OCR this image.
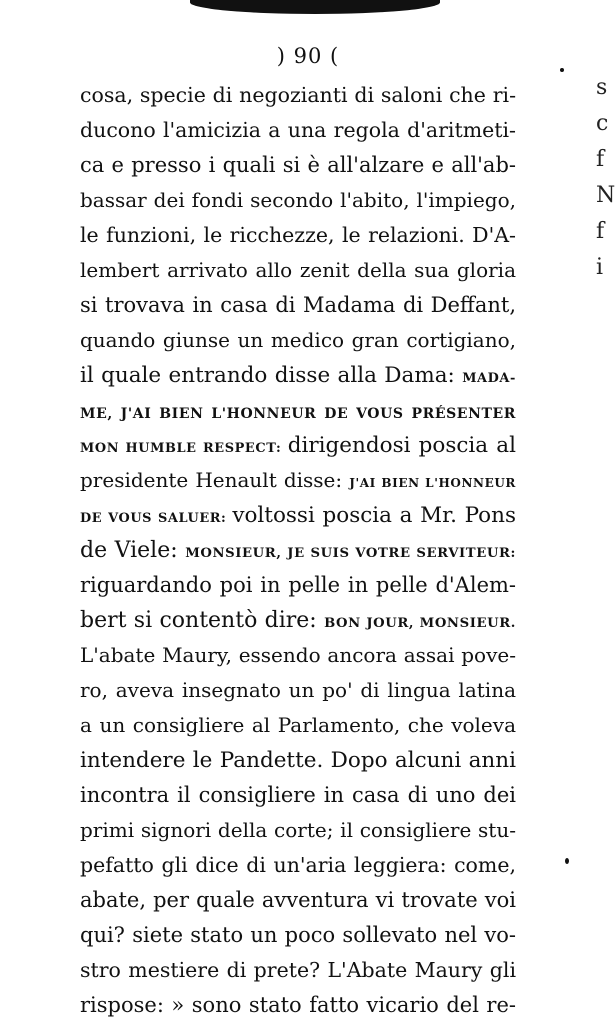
) 90 (
cosa, specie di negozianti di saloni che ri-
ducono l'amicizia a una regola d'aritmeti-
ca e presso i quali si è all'alzare e all'ab-
bassar dei fondi secondo l'abito, l'impiego,
le funzioni, le ricchezze, le relazioni. D'A-
lembert arrivato allo zenit della sua gloria
si trovava in casa di Madama di Deffant,
quando giunse un medico gran cortigiano,
il quale entrando disse alla Dama: MADA-
ME, J'AI BIEN L'HONNEUR DE VOUS PRÉSENTER
MON HUMBLE RESPECT: dirigendosi poscia al
presidente Henault disse: J'AI BIEN L'HONNEUR
DE VOUS SALUER: voltossi poscia a Mr. Pons
de Viele: MONSIEUR, JE SUIS VOTRE SERVITEUR:
riguardando poi in pelle in pelle d'Alem-
bert si contentò dire: BON JOUR, MONSIEUR.
L'abate Maury, essendo ancora assai pove-
ro, aveva insegnato un po' di lingua latina
a un consigliere al Parlamento, che voleva
intendere le Pandette. Dopo alcuni anni
incontra il consigliere in casa di uno dei
primi signori della corte; il consigliere stu-
pefatto gli dice di un'aria leggiera: come,
abate, per quale avventura vi trovate voi
qui? siete stato un poco sollevato nel vo-
stro mestiere di prete? L'Abate Maury gli
rispose: » sono stato fatto vicario del re-
s
c
f
N
f
i
